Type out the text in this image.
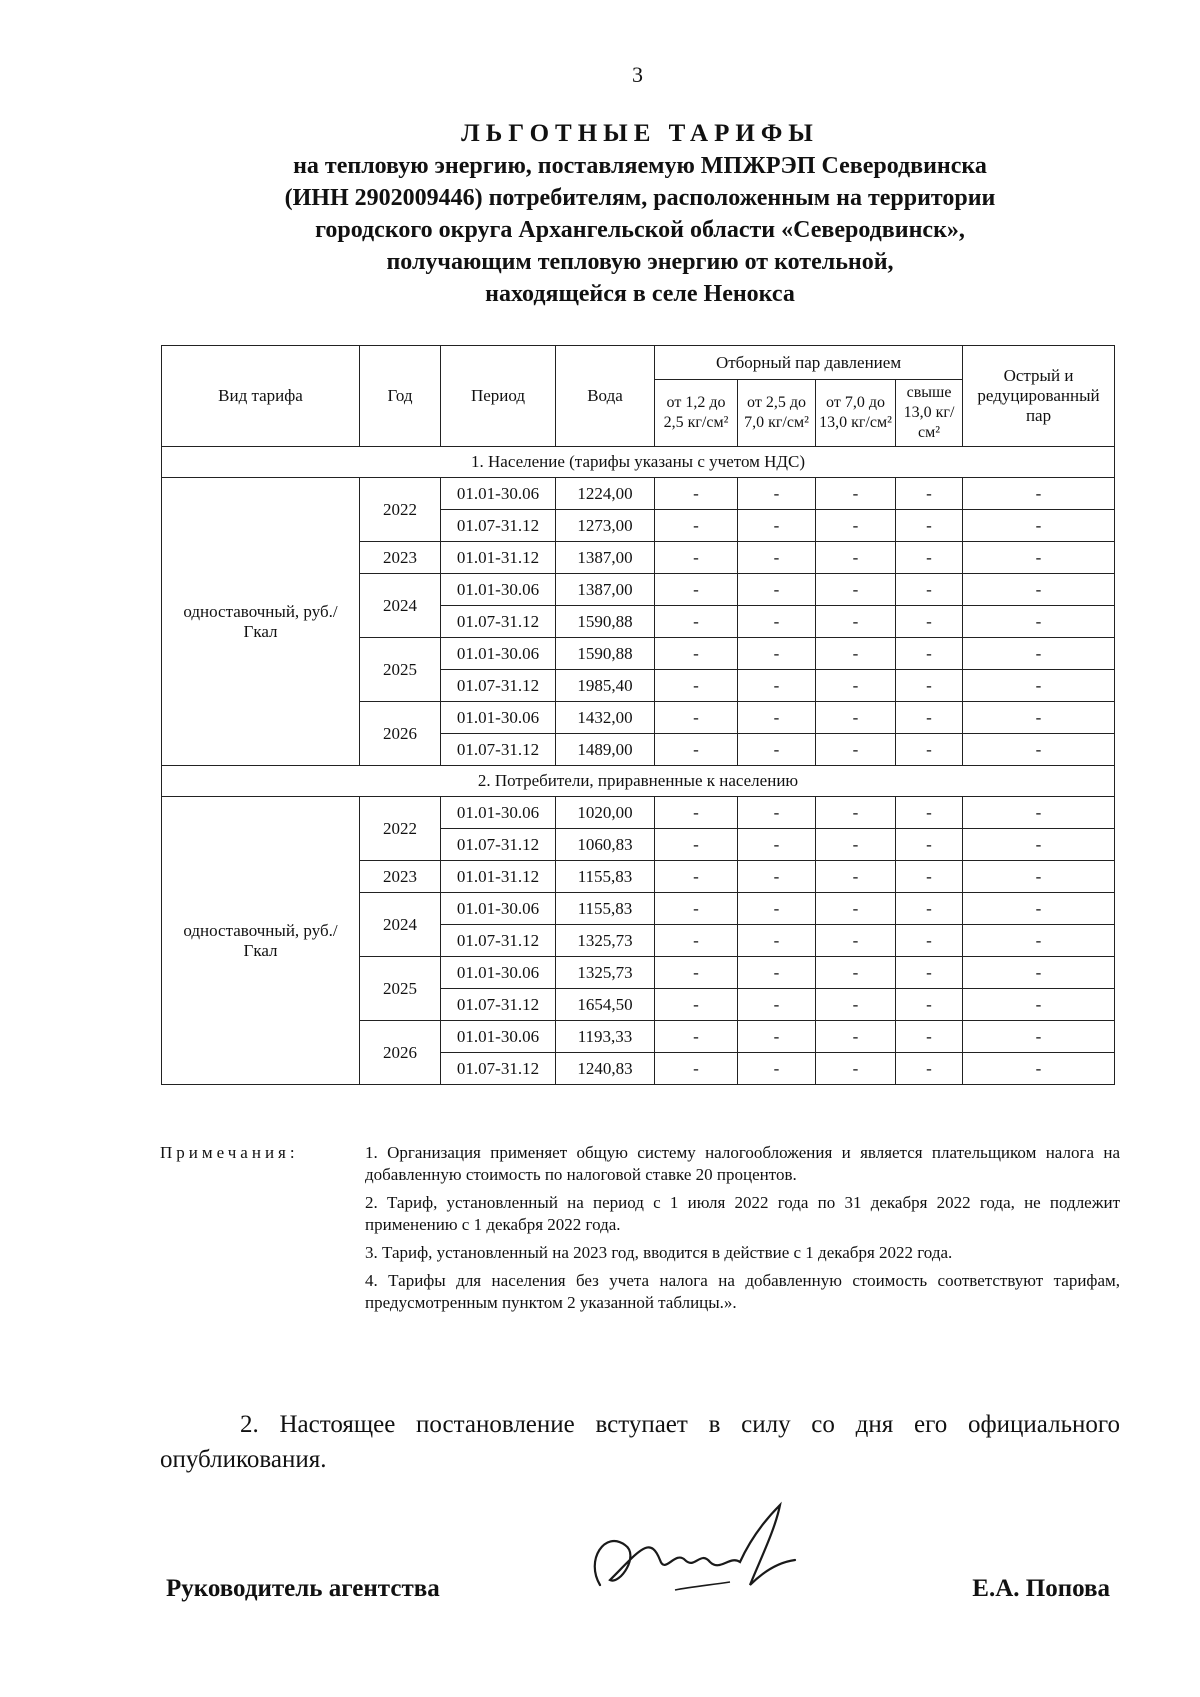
3
ЛЬГОТНЫЕ ТАРИФЫ
на тепловую энергию, поставляемую МПЖРЭП Северодвинска
(ИНН 2902009446) потребителям, расположенным на территории
городского округа Архангельской области «Северодвинск»,
получающим тепловую энергию от котельной,
находящейся в селе Ненокса
Вид тарифа	Год	Период	Вода	Отборный пар давлением				Острый и редуцированный пар
				от 1,2 до 2,5 кг/см²	от 2,5 до 7,0 кг/см²	от 7,0 до 13,0 кг/см²	свыше 13,0 кг/см²	
1. Население (тарифы указаны с учетом НДС)								
одноставочный, руб./Гкал	2022	01.01-30.06	1224,00	-	-	-	-	-
		01.07-31.12	1273,00	-	-	-	-	-
	2023	01.01-31.12	1387,00	-	-	-	-	-
	2024	01.01-30.06	1387,00	-	-	-	-	-
		01.07-31.12	1590,88	-	-	-	-	-
	2025	01.01-30.06	1590,88	-	-	-	-	-
		01.07-31.12	1985,40	-	-	-	-	-
	2026	01.01-30.06	1432,00	-	-	-	-	-
		01.07-31.12	1489,00	-	-	-	-	-
2. Потребители, приравненные к населению								
одноставочный, руб./Гкал	2022	01.01-30.06	1020,00	-	-	-	-	-
		01.07-31.12	1060,83	-	-	-	-	-
	2023	01.01-31.12	1155,83	-	-	-	-	-
	2024	01.01-30.06	1155,83	-	-	-	-	-
		01.07-31.12	1325,73	-	-	-	-	-
	2025	01.01-30.06	1325,73	-	-	-	-	-
		01.07-31.12	1654,50	-	-	-	-	-
	2026	01.01-30.06	1193,33	-	-	-	-	-
		01.07-31.12	1240,83	-	-	-	-	-
Примечания:	1. Организация применяет общую систему налогообложения и является плательщиком налога на добавленную стоимость по налоговой ставке 20 процентов.
2. Тариф, установленный на период с 1 июля 2022 года по 31 декабря 2022 года, не подлежит применению с 1 декабря 2022 года.
3. Тариф, установленный на 2023 год, вводится в действие с 1 декабря 2022 года.
4. Тарифы для населения без учета налога на добавленную стоимость соответствуют тарифам, предусмотренным пунктом 2 указанной таблицы.».
2. Настоящее постановление вступает в силу со дня его официального опубликования.
Руководитель агентства	Е.А. Попова
